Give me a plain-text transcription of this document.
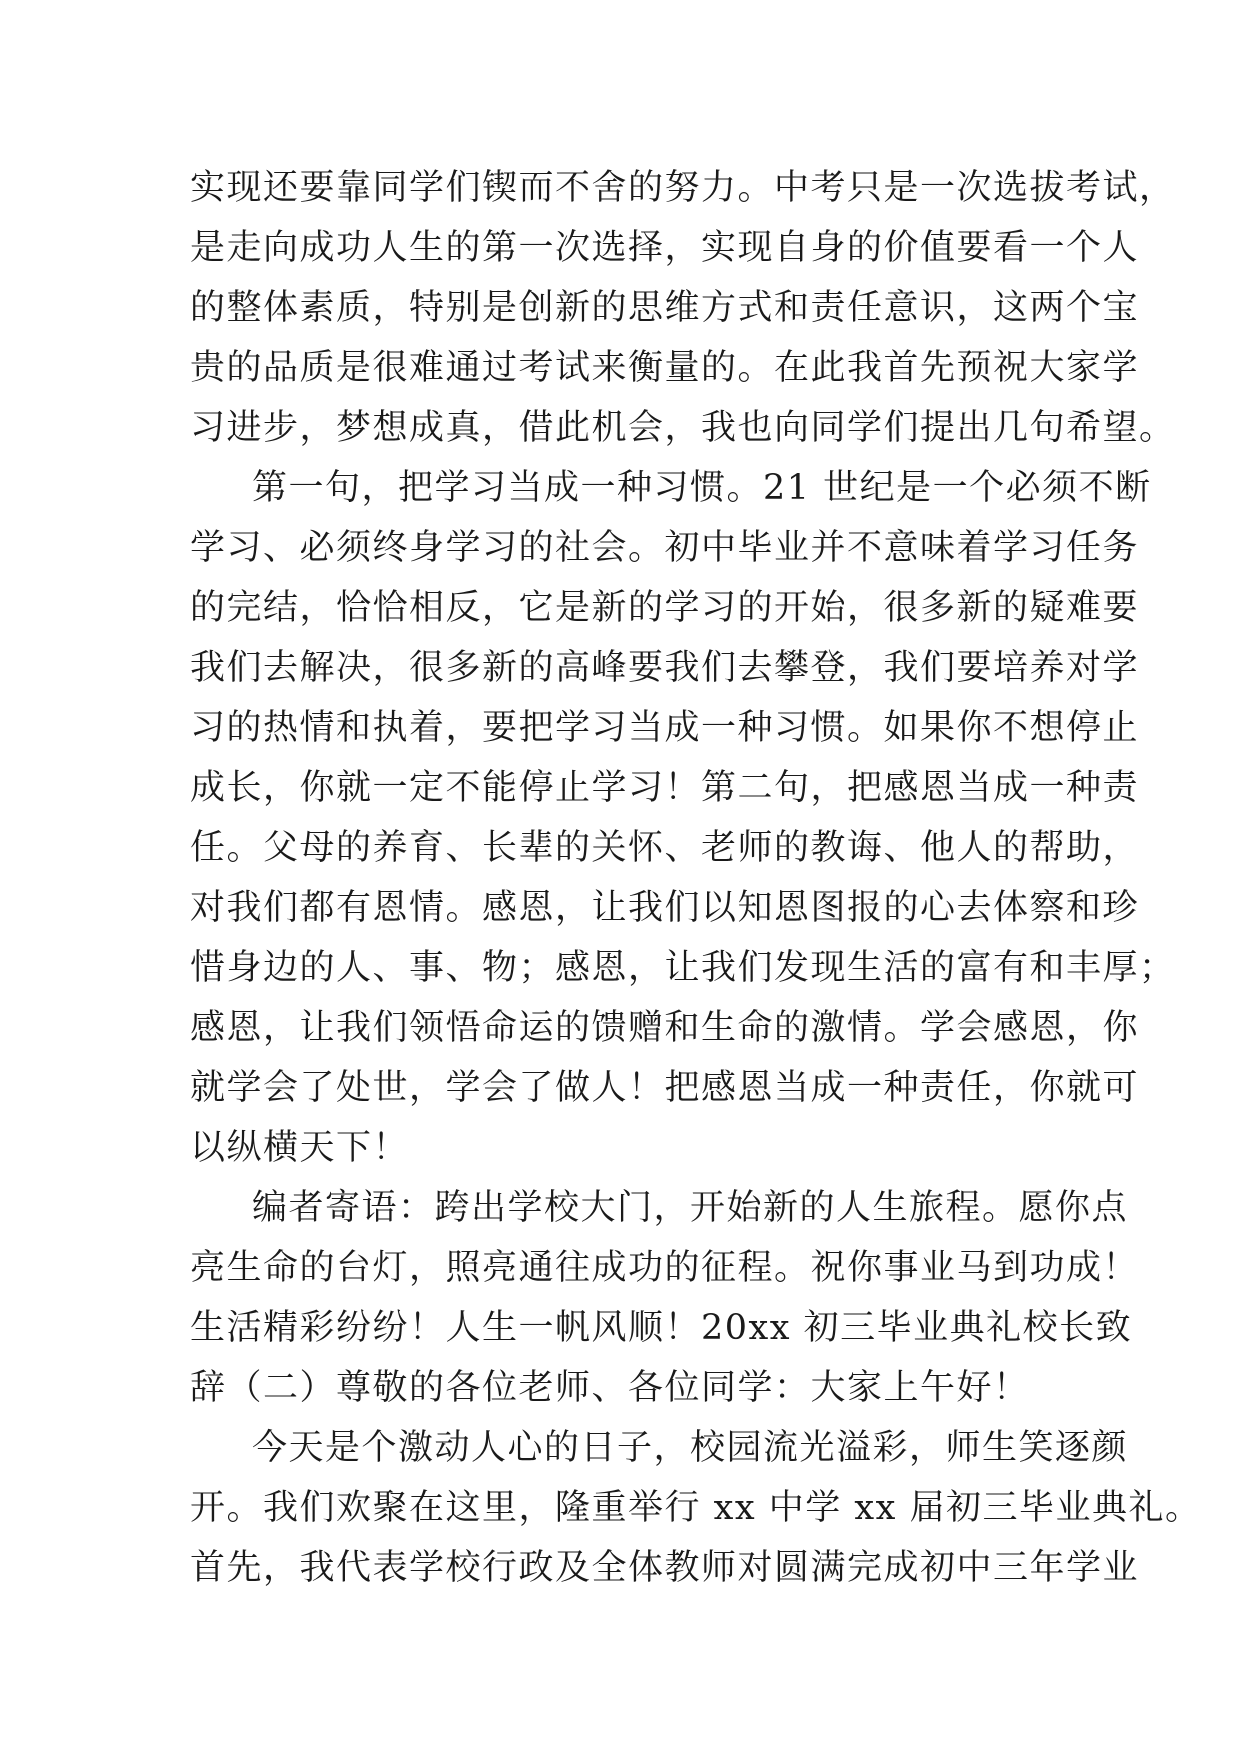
实现还要靠同学们锲而不舍的努力。中考只是一次选拔考试，
是走向成功人生的第一次选择，实现自身的价值要看一个人
的整体素质，特别是创新的思维方式和责任意识，这两个宝
贵的品质是很难通过考试来衡量的。在此我首先预祝大家学
习进步，梦想成真，借此机会，我也向同学们提出几句希望。
第一句，把学习当成一种习惯。21 世纪是一个必须不断
学习、必须终身学习的社会。初中毕业并不意味着学习任务
的完结，恰恰相反，它是新的学习的开始，很多新的疑难要
我们去解决，很多新的高峰要我们去攀登，我们要培养对学
习的热情和执着，要把学习当成一种习惯。如果你不想停止
成长，你就一定不能停止学习！第二句，把感恩当成一种责
任。父母的养育、长辈的关怀、老师的教诲、他人的帮助，
对我们都有恩情。感恩，让我们以知恩图报的心去体察和珍
惜身边的人、事、物；感恩，让我们发现生活的富有和丰厚；
感恩，让我们领悟命运的馈赠和生命的激情。学会感恩，你
就学会了处世，学会了做人！把感恩当成一种责任，你就可
以纵横天下！
编者寄语：跨出学校大门，开始新的人生旅程。愿你点
亮生命的台灯，照亮通往成功的征程。祝你事业马到功成！
生活精彩纷纷！人生一帆风顺！20xx 初三毕业典礼校长致
辞（二）尊敬的各位老师、各位同学：大家上午好！
今天是个激动人心的日子，校园流光溢彩，师生笑逐颜
开。我们欢聚在这里，隆重举行 xx 中学 xx 届初三毕业典礼。
首先，我代表学校行政及全体教师对圆满完成初中三年学业
